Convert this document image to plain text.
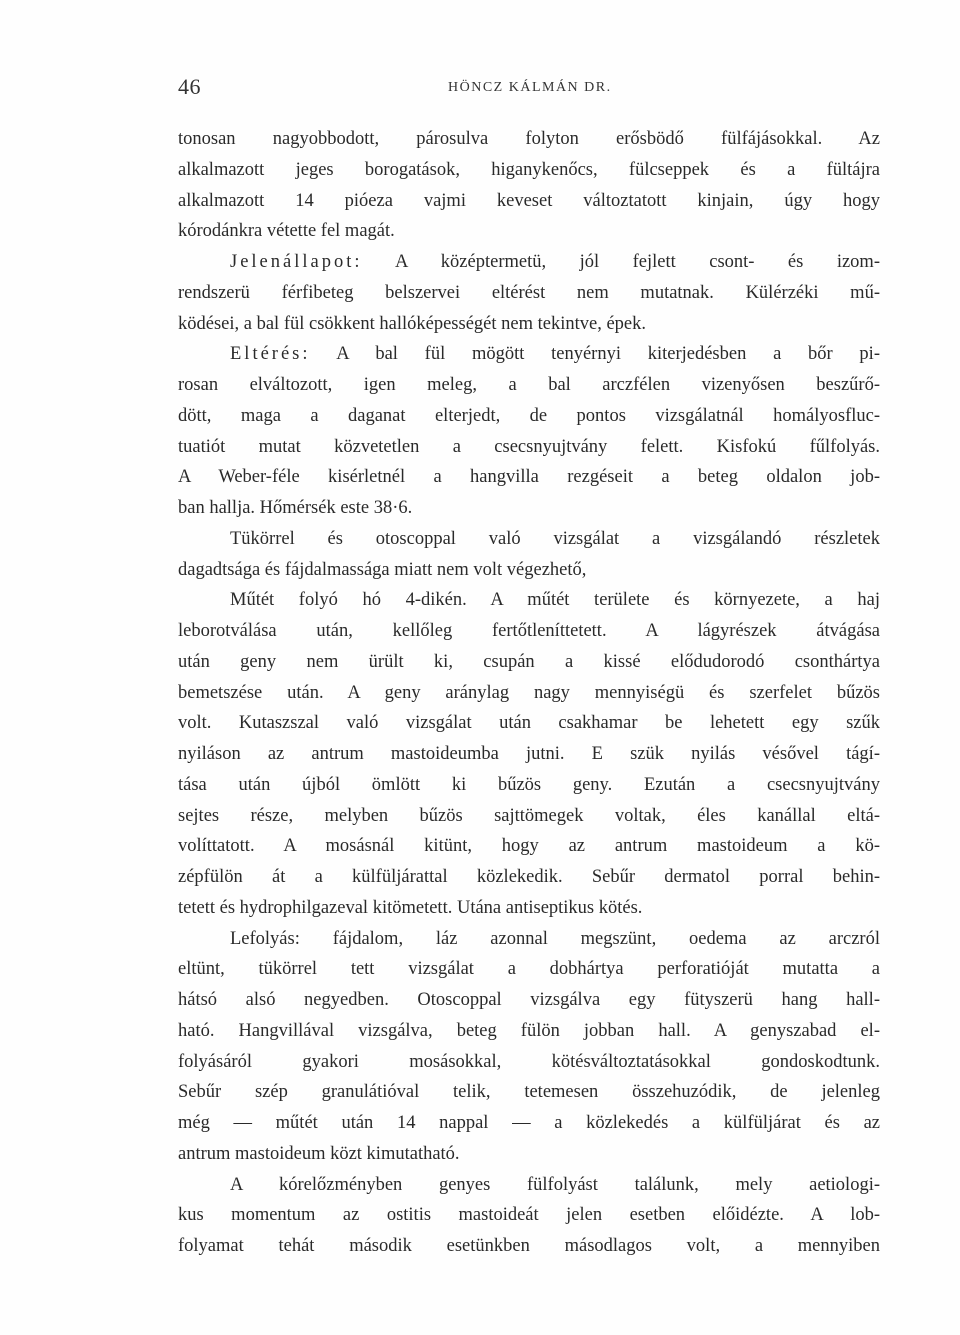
46	HÖNCZ KÁLMÁN DR.
tonosan nagyobbodott, párosulva folyton erősbödő fülfájásokkal. Az
alkalmazott jeges borogatások, higanykenőcs, fülcseppek és a fültájra
alkalmazott 14 pióeza vajmi keveset változtatott kinjain, úgy hogy
kórodánkra vétette fel magát.
Jelenállapot: A középtermetü, jól fejlett csont- és izom-
rendszerü férfibeteg belszervei eltérést nem mutatnak. Külérzéki mű-
ködései, a bal fül csökkent hallóképességét nem tekintve, épek.
Eltérés: A bal fül mögött tenyérnyi kiterjedésben a bőr pi-
rosan elváltozott, igen meleg, a bal arczfélen vizenyősen beszűrő-
dött, maga a daganat elterjedt, de pontos vizsgálatnál homályosfluc-
tuatiót mutat közvetetlen a csecsnyujtvány felett. Kisfokú fűlfolyás.
A Weber-féle kisérletnél a hangvilla rezgéseit a beteg oldalon job-
ban hallja. Hőmérsék este 38·6.
Tükörrel és otoscoppal való vizsgálat a vizsgálandó részletek
dagadtsága és fájdalmassága miatt nem volt végezhető,
Műtét folyó hó 4-dikén. A műtét területe és környezete, a haj
leborotválása után, kellőleg fertőtleníttetett. A lágyrészek átvágása
után geny nem ürült ki, csupán a kissé elődudorodó csonthártya
bemetszése után. A geny aránylag nagy mennyiségü és szerfelet bűzös
volt. Kutaszszal való vizsgálat után csakhamar be lehetett egy szűk
nyiláson az antrum mastoideumba jutni. E szük nyilás vésővel tágí-
tása után újból ömlött ki bűzös geny. Ezután a csecsnyujtvány
sejtes része, melyben bűzös sajttömegek voltak, éles kanállal eltá-
volíttatott. A mosásnál kitünt, hogy az antrum mastoideum a kö-
zépfülön át a külfüljárattal közlekedik. Sebűr dermatol porral behin-
tetett és hydrophilgazeval kitömetett. Utána antiseptikus kötés.
Lefolyás: fájdalom, láz azonnal megszünt, oedema az arczról
eltünt, tükörrel tett vizsgálat a dobhártya perforatióját mutatta a
hátsó alsó negyedben. Otoscoppal vizsgálva egy fütyszerü hang hall-
ható. Hangvillával vizsgálva, beteg fülön jobban hall. A genyszabad el-
folyásáról gyakori mosásokkal, kötésváltoztatásokkal gondoskodtunk.
Sebűr szép granulátióval telik, tetemesen összehuzódik, de jelenleg
még — műtét után 14 nappal — a közlekedés a külfüljárat és az
antrum mastoideum közt kimutatható.
A kórelőzményben genyes fülfolyást találunk, mely aetiologi-
kus momentum az ostitis mastoideát jelen esetben előidézte. A lob-
folyamat tehát második esetünkben másodlagos volt, a mennyiben
